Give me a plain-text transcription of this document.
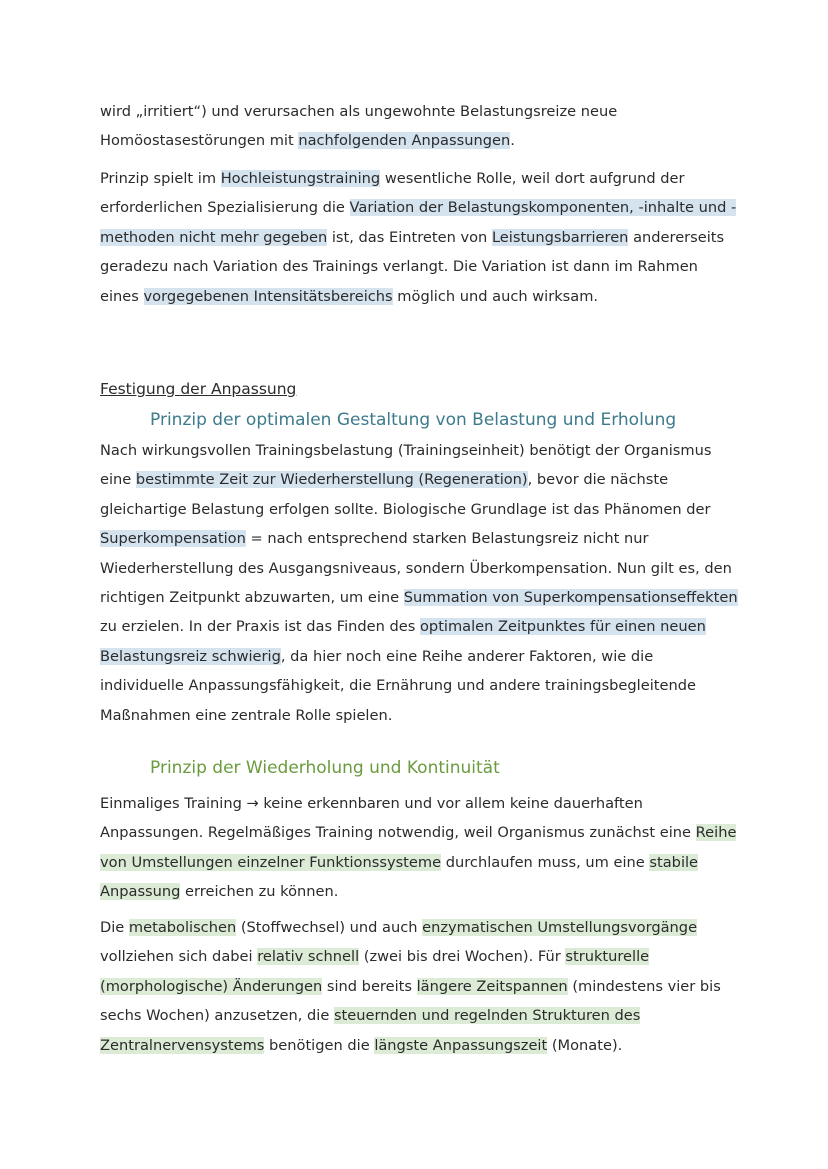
wird „irritiert“) und verursachen als ungewohnte Belastungsreize neue Homöostasestörungen mit nachfolgenden Anpassungen.

Prinzip spielt im Hochleistungstraining wesentliche Rolle, weil dort aufgrund der erforderlichen Spezialisierung die Variation der Belastungskomponenten, -inhalte und -methoden nicht mehr gegeben ist, das Eintreten von Leistungsbarrieren andererseits geradezu nach Variation des Trainings verlangt. Die Variation ist dann im Rahmen eines vorgegebenen Intensitätsbereichs möglich und auch wirksam.

Festigung der Anpassung
Prinzip der optimalen Gestaltung von Belastung und Erholung

Nach wirkungsvollen Trainingsbelastung (Trainingseinheit) benötigt der Organismus eine bestimmte Zeit zur Wiederherstellung (Regeneration), bevor die nächste gleichartige Belastung erfolgen sollte. Biologische Grundlage ist das Phänomen der Superkompensation = nach entsprechend starken Belastungsreiz nicht nur Wiederherstellung des Ausgangsniveaus, sondern Überkompensation. Nun gilt es, den richtigen Zeitpunkt abzuwarten, um eine Summation von Superkompensationseffekten zu erzielen. In der Praxis ist das Finden des optimalen Zeitpunktes für einen neuen Belastungsreiz schwierig, da hier noch eine Reihe anderer Faktoren, wie die individuelle Anpassungsfähigkeit, die Ernährung und andere trainingsbegleitende Maßnahmen eine zentrale Rolle spielen.

Prinzip der Wiederholung und Kontinuität

Einmaliges Training → keine erkennbaren und vor allem keine dauerhaften Anpassungen. Regelmäßiges Training notwendig, weil Organismus zunächst eine Reihe von Umstellungen einzelner Funktionssysteme durchlaufen muss, um eine stabile Anpassung erreichen zu können.

Die metabolischen (Stoffwechsel) und auch enzymatischen Umstellungsvorgänge vollziehen sich dabei relativ schnell (zwei bis drei Wochen). Für strukturelle (morphologische) Änderungen sind bereits längere Zeitspannen (mindestens vier bis sechs Wochen) anzusetzen, die steuernden und regelnden Strukturen des Zentralnervensystems benötigen die längste Anpassungszeit (Monate).
